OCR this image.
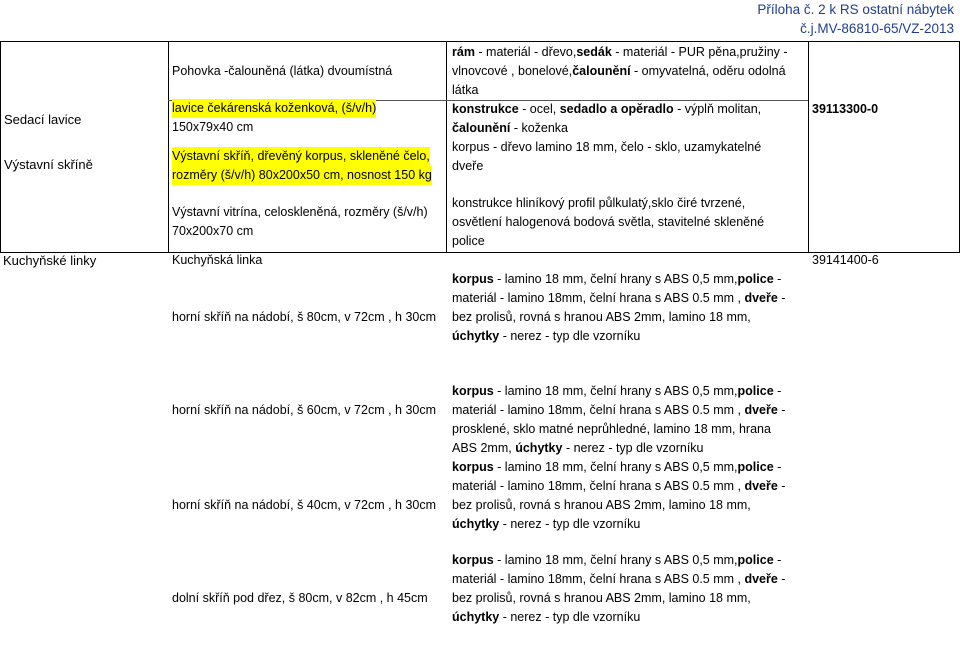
Příloha č. 2 k RS ostatní nábytek
č.j.MV-86810-65/VZ-2013
Sedací lavice
Výstavní skříně
Kuchyňské linky
39113300-0
39141400-6
Pohovka -čalouněná (látka) dvoumístná
lavice čekárenská koženková, (š/v/h)
150x79x40 cm
Výstavní skříň, dřevěný korpus, skleněné čelo,
rozměry (š/v/h) 80x200x50 cm, nosnost 150 kg
Výstavní vitrína, celoskleněná, rozměry (š/v/h)
70x200x70 cm
rám - materiál - dřevo,sedák - materiál - PUR pěna,pružiny -
vlnovcové , bonelové,čalounění - omyvatelná, oděru odolná
látka
konstrukce - ocel, sedadlo a opěradlo - výplň molitan,
čalounění - koženka
korpus - dřevo lamino 18 mm, čelo - sklo, uzamykatelné
dveře
konstrukce hliníkový profil půlkulatý,sklo čiré tvrzené,
osvětlení halogenová bodová světla, stavitelné skleněné
police
Kuchyňská linka
horní skříň na nádobí, š 80cm, v 72cm , h 30cm
korpus - lamino 18 mm, čelní hrany s ABS 0,5 mm,police -
materiál - lamino 18mm, čelní hrana s ABS 0.5 mm , dveře -
bez prolisů, rovná s hranou ABS 2mm, lamino 18 mm,
úchytky - nerez - typ dle vzorníku
horní skříň na nádobí, š 60cm, v 72cm , h 30cm
korpus - lamino 18 mm, čelní hrany s ABS 0,5 mm,police -
materiál - lamino 18mm, čelní hrana s ABS 0.5 mm , dveře -
prosklené, sklo matné neprůhledné, lamino 18 mm, hrana
ABS 2mm, úchytky - nerez - typ dle vzorníku
horní skříň na nádobí, š 40cm, v 72cm , h 30cm
korpus - lamino 18 mm, čelní hrany s ABS 0,5 mm,police -
materiál - lamino 18mm, čelní hrana s ABS 0.5 mm , dveře -
bez prolisů, rovná s hranou ABS 2mm, lamino 18 mm,
úchytky - nerez - typ dle vzorníku
dolní skříň pod dřez, š 80cm, v 82cm , h 45cm
korpus - lamino 18 mm, čelní hrany s ABS 0,5 mm,police -
materiál - lamino 18mm, čelní hrana s ABS 0.5 mm , dveře -
bez prolisů, rovná s hranou ABS 2mm, lamino 18 mm,
úchytky - nerez - typ dle vzorníku
